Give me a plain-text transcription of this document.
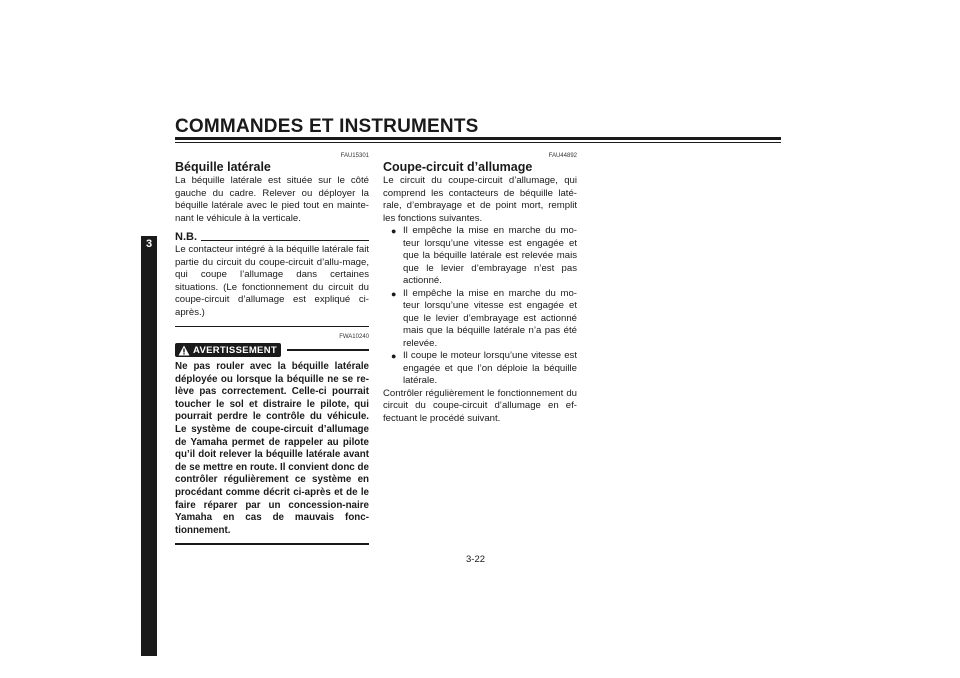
COMMANDES ET INSTRUMENTS
3
FAU15301
Béquille latérale
La béquille latérale est située sur le côté gauche du cadre. Relever ou déployer la béquille latérale avec le pied tout en mainte-nant le véhicule à la verticale.
N.B.
Le contacteur intégré à la béquille latérale fait partie du circuit du coupe-circuit d’allu-mage, qui coupe l’allumage dans certaines situations. (Le fonctionnement du circuit du coupe-circuit d’allumage est expliqué ci-après.)
FWA10240
AVERTISSEMENT
Ne pas rouler avec la béquille latérale déployée ou lorsque la béquille ne se re-lève pas correctement. Celle-ci pourrait toucher le sol et distraire le pilote, qui pourrait perdre le contrôle du véhicule. Le système de coupe-circuit d’allumage de Yamaha permet de rappeler au pilote qu’il doit relever la béquille latérale avant de se mettre en route. Il convient donc de contrôler régulièrement ce système en procédant comme décrit ci-après et de le faire réparer par un concession-naire Yamaha en cas de mauvais fonc-tionnement.
FAU44892
Coupe-circuit d’allumage
Le circuit du coupe-circuit d’allumage, qui comprend les contacteurs de béquille laté-rale, d’embrayage et de point mort, remplit les fonctions suivantes.
● Il empêche la mise en marche du mo-teur lorsqu’une vitesse est engagée et que la béquille latérale est relevée mais que le levier d’embrayage n’est pas actionné.
● Il empêche la mise en marche du mo-teur lorsqu’une vitesse est engagée et que le levier d’embrayage est actionné mais que la béquille latérale n’a pas été relevée.
● Il coupe le moteur lorsqu’une vitesse est engagée et que l’on déploie la béquille latérale.
Contrôler régulièrement le fonctionnement du circuit du coupe-circuit d’allumage en ef-fectuant le procédé suivant.
3-22
